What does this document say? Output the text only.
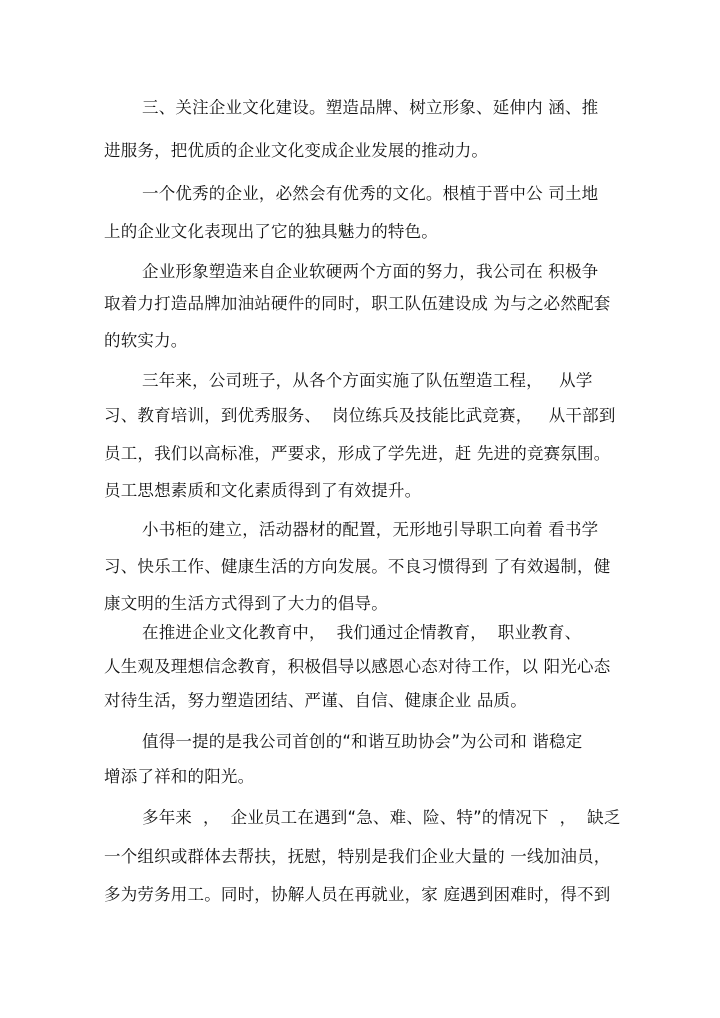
三、关注企业文化建设。塑造品牌、树立形象、延伸内 涵、推
进服务，把优质的企业文化变成企业发展的推动力。
一个优秀的企业，必然会有优秀的文化。根植于晋中公 司土地
上的企业文化表现出了它的独具魅力的特色。
企业形象塑造来自企业软硬两个方面的努力，我公司在 积极争
取着力打造品牌加油站硬件的同时，职工队伍建设成 为与之必然配套
的软实力。
三年来，公司班子，从各个方面实施了队伍塑造工程，   从学
习、教育培训，到优秀服务、  岗位练兵及技能比武竞赛，   从干部到
员工，我们以高标准，严要求，形成了学先进，赶 先进的竞赛氛围。
员工思想素质和文化素质得到了有效提升。
小书柜的建立，活动器材的配置，无形地引导职工向着 看书学
习、快乐工作、健康生活的方向发展。不良习惯得到 了有效遏制，健
康文明的生活方式得到了大力的倡导。
在推进企业文化教育中，  我们通过企情教育，  职业教育、
人生观及理想信念教育，积极倡导以感恩心态对待工作，以 阳光心态
对待生活，努力塑造团结、严谨、自信、健康企业 品质。
值得一提的是我公司首创的“和谐互助协会”为公司和 谐稳定
增添了祥和的阳光。
多年来  ，  企业员工在遇到“急、难、险、特”的情况下  ，  缺乏
一个组织或群体去帮扶，抚慰，特别是我们企业大量的 一线加油员，
多为劳务用工。同时，协解人员在再就业，家 庭遇到困难时，得不到
